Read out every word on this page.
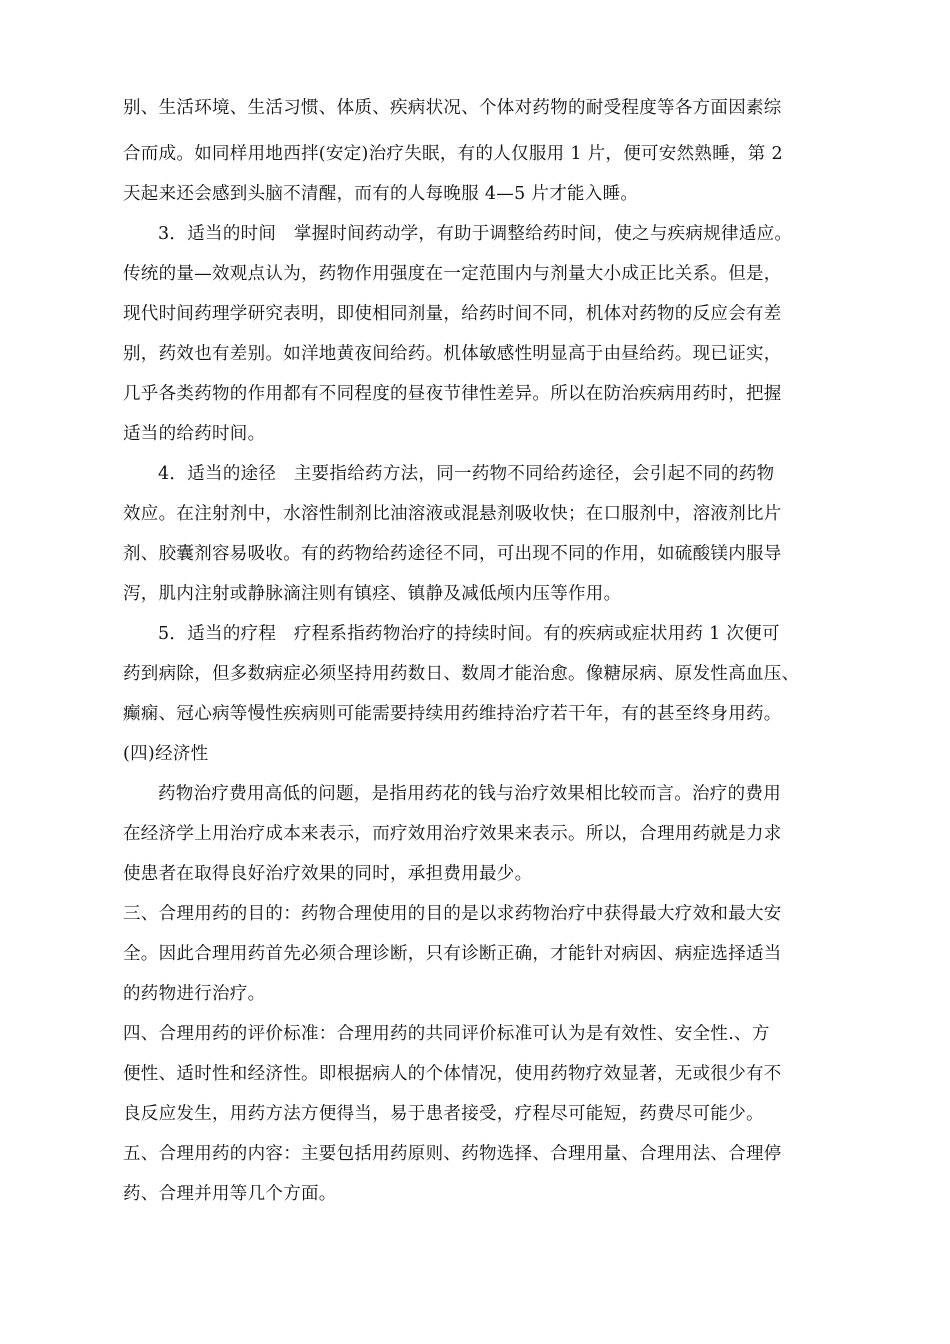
别、生活环境、生活习惯、体质、疾病状况、个体对药物的耐受程度等各方面因素综
合而成。如同样用地西拌(安定)治疗失眠，有的人仅服用 1 片，便可安然熟睡，第 2
天起来还会感到头脑不清醒，而有的人每晚服 4—5 片才能入睡。
3．适当的时间   掌握时间药动学，有助于调整给药时间，使之与疾病规律适应。
传统的量—效观点认为，药物作用强度在一定范围内与剂量大小成正比关系。但是，
现代时间药理学研究表明，即使相同剂量，给药时间不同，机体对药物的反应会有差
别，药效也有差别。如洋地黄夜间给药。机体敏感性明显高于由昼给药。现已证实，
几乎各类药物的作用都有不同程度的昼夜节律性差异。所以在防治疾病用药时，把握
适当的给药时间。
4．适当的途径   主要指给药方法，同一药物不同给药途径，会引起不同的药物
效应。在注射剂中，水溶性制剂比油溶液或混悬剂吸收快；在口服剂中，溶液剂比片
剂、胶囊剂容易吸收。有的药物给药途径不同，可出现不同的作用，如硫酸镁内服导
泻，肌内注射或静脉滴注则有镇痉、镇静及减低颅内压等作用。
5．适当的疗程   疗程系指药物治疗的持续时间。有的疾病或症状用药 1 次便可
药到病除，但多数病症必须坚持用药数日、数周才能治愈。像糖尿病、原发性高血压、
癫痫、冠心病等慢性疾病则可能需要持续用药维持治疗若干年，有的甚至终身用药。
(四)经济性
药物治疗费用高低的问题，是指用药花的钱与治疗效果相比较而言。治疗的费用
在经济学上用治疗成本来表示，而疗效用治疗效果来表示。所以，合理用药就是力求
使患者在取得良好治疗效果的同时，承担费用最少。
三、合理用药的目的：药物合理使用的目的是以求药物治疗中获得最大疗效和最大安
全。因此合理用药首先必须合理诊断，只有诊断正确，才能针对病因、病症选择适当
的药物进行治疗。
四、合理用药的评价标准：合理用药的共同评价标准可认为是有效性、安全性.、方
便性、适时性和经济性。即根据病人的个体情况，使用药物疗效显著，无或很少有不
良反应发生，用药方法方便得当，易于患者接受，疗程尽可能短，药费尽可能少。
五、合理用药的内容：主要包括用药原则、药物选择、合理用量、合理用法、合理停
药、合理并用等几个方面。
